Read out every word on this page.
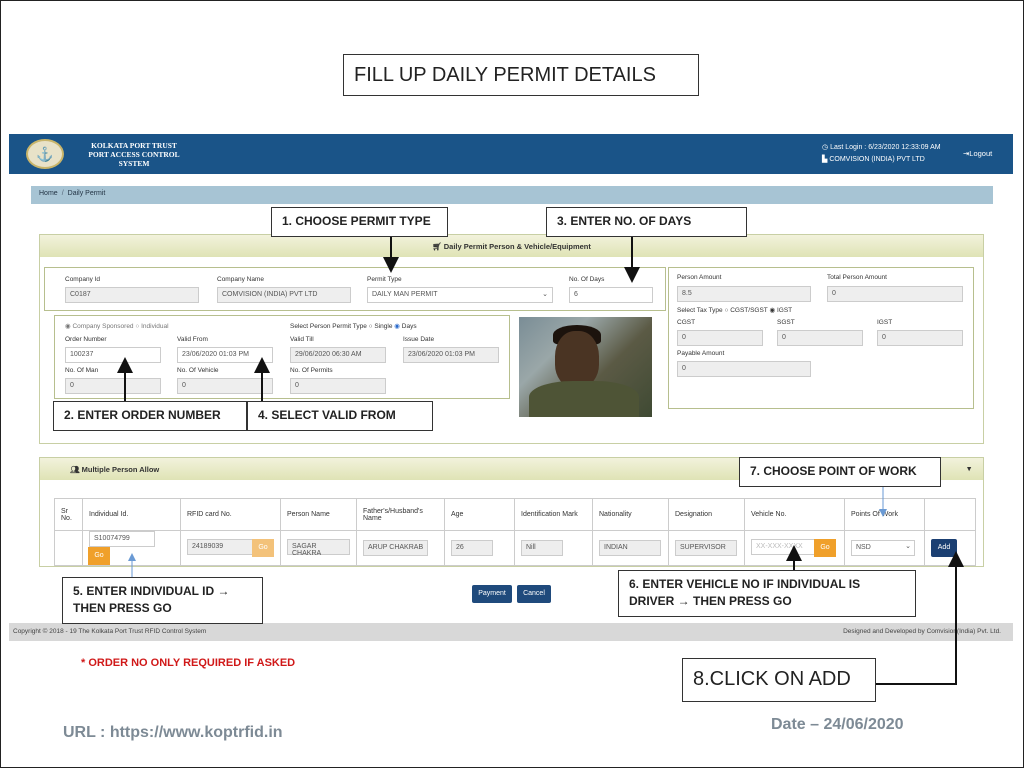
FILL UP DAILY PERMIT DETAILS
⚓
KOLKATA PORT TRUST
PORT ACCESS CONTROL
SYSTEM
◷ Last Login : 6/23/2020 12:33:09 AM
▙ COMVISION (INDIA) PVT LTD
⇥Logout
Home / Daily Permit
🛒︎ Daily Permit Person & Vehicle/Equipment
Company Id
C0187
Company Name
COMVISION (INDIA) PVT LTD
Permit Type
DAILY MAN PERMIT	⌄
No. Of Days
6
◉ Company Sponsored ○ Individual
Order Number
100237
Valid From
23/06/2020 01:03 PM
Select Person Permit Type ○ Single ◉ Days
Valid Till
29/06/2020 06:30 AM
Issue Date
23/06/2020 01:03 PM
No. Of Man
0
No. Of Vehicle
0
No. Of Permits
0
Person Amount
8.5
Total Person Amount
0
Select Tax Type ○ CGST/SGST ◉ IGST
CGST
0
SGST
0
IGST
0
Payable Amount
0
👥︎ Multiple Person Allow	▾
Sr No.	Individual Id.	RFID card No.	Person Name	Father's/Husband's Name	Age	Identification Mark	Nationality	Designation	Vehicle No.	Points Of Work	
	S10074799Go	24189039 Go	SAGAR CHAKRA	ARUP CHAKRAB	26	Nill	INDIAN	SUPERVISOR	XX-XXX-XXXX Go	NSD ⌄	Add
Payment	Cancel
Copyright © 2018 - 19 The Kolkata Port Trust RFID Control System	Designed and Developed by Comvision(India) Pvt. Ltd.
1. CHOOSE PERMIT TYPE	3. ENTER NO. OF DAYS
2. ENTER ORDER NUMBER	4. SELECT VALID FROM
7. CHOOSE POINT OF WORK
5. ENTER INDIVIDUAL ID →
THEN PRESS GO
6. ENTER VEHICLE NO IF INDIVIDUAL IS
DRIVER → THEN PRESS GO
8.CLICK ON ADD
* ORDER NO ONLY REQUIRED IF ASKED
URL : https://www.koptrfid.in	Date – 24/06/2020
